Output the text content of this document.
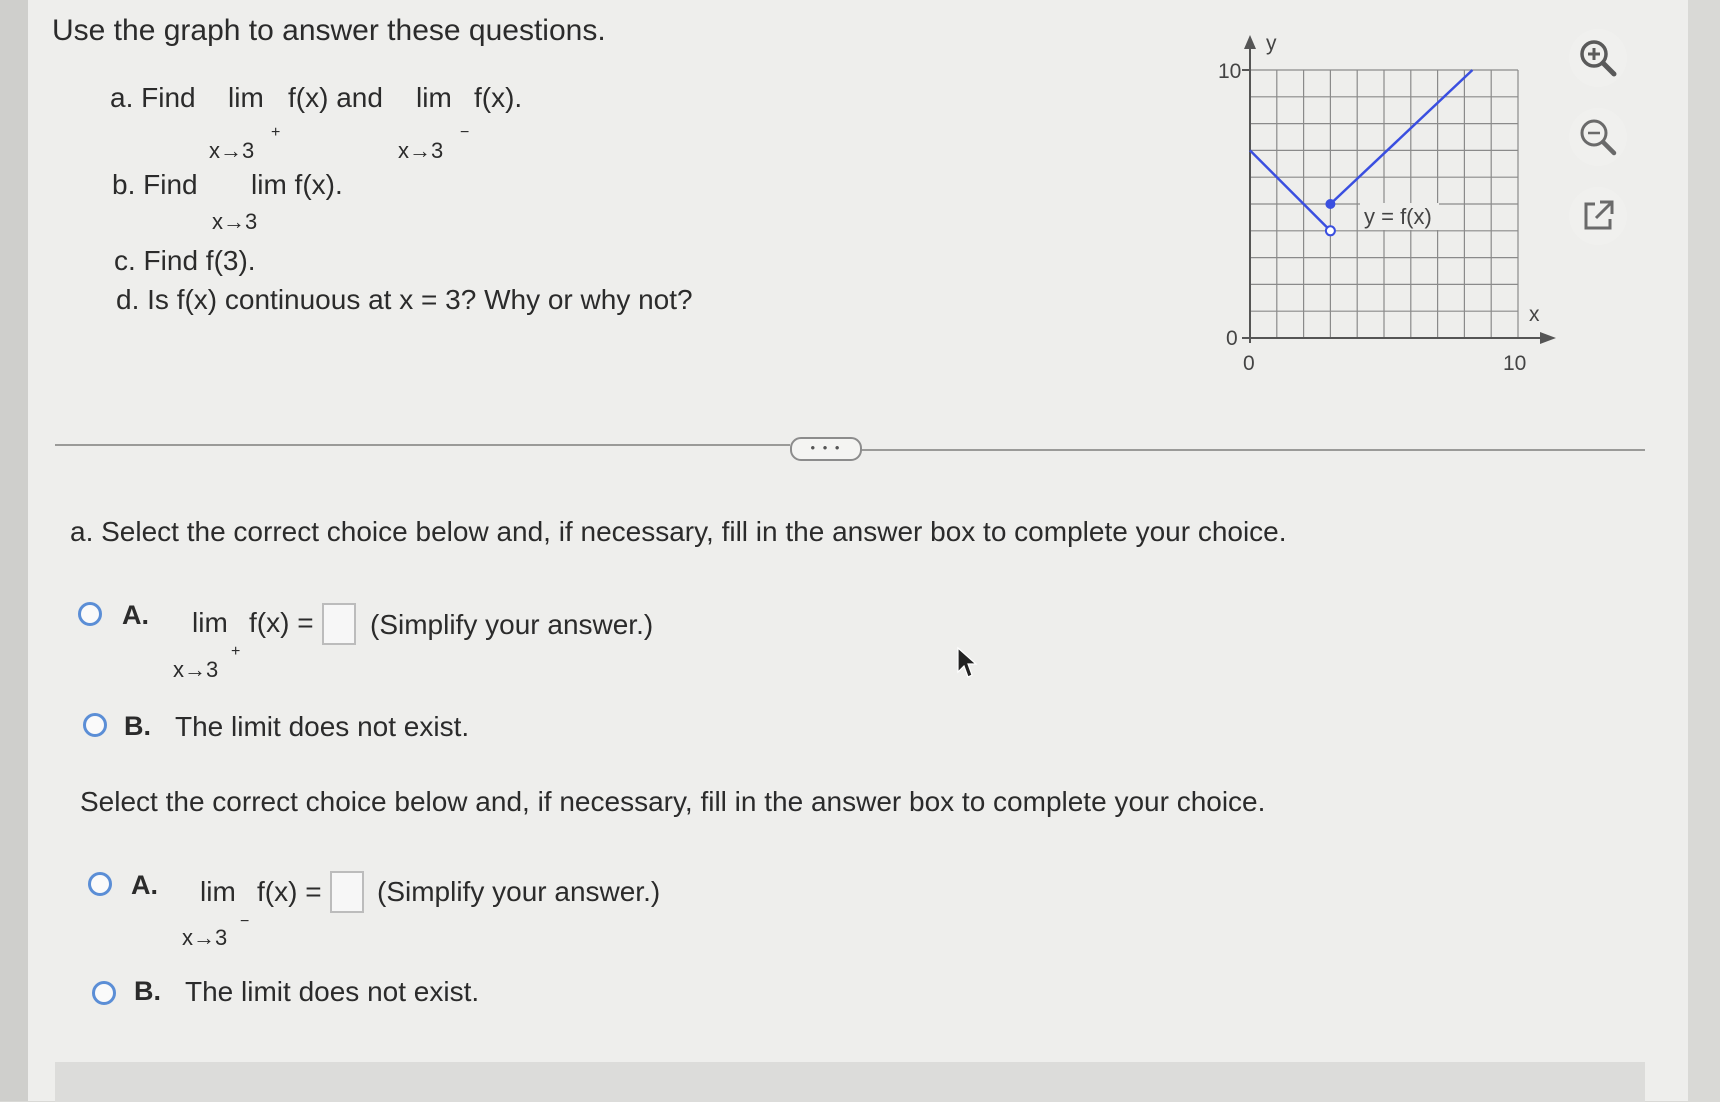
Use the graph to answer these questions.
a. Find lim f(x) and
x→3
+
lim f(x).
x→3
−
b. Find lim f(x).
x→3
c. Find f(3).
d. Is f(x) continuous at x = 3? Why or why not?
y
x
10
0
0	10
y = f(x)
• • •
a. Select the correct choice below and, if necessary, fill in the answer box to complete your choice.
A. lim f(x) = (Simplify your answer.)
x→3
+
B. The limit does not exist.
Select the correct choice below and, if necessary, fill in the answer box to complete your choice.
A. lim f(x) = (Simplify your answer.)
x→3
−
B. The limit does not exist.
